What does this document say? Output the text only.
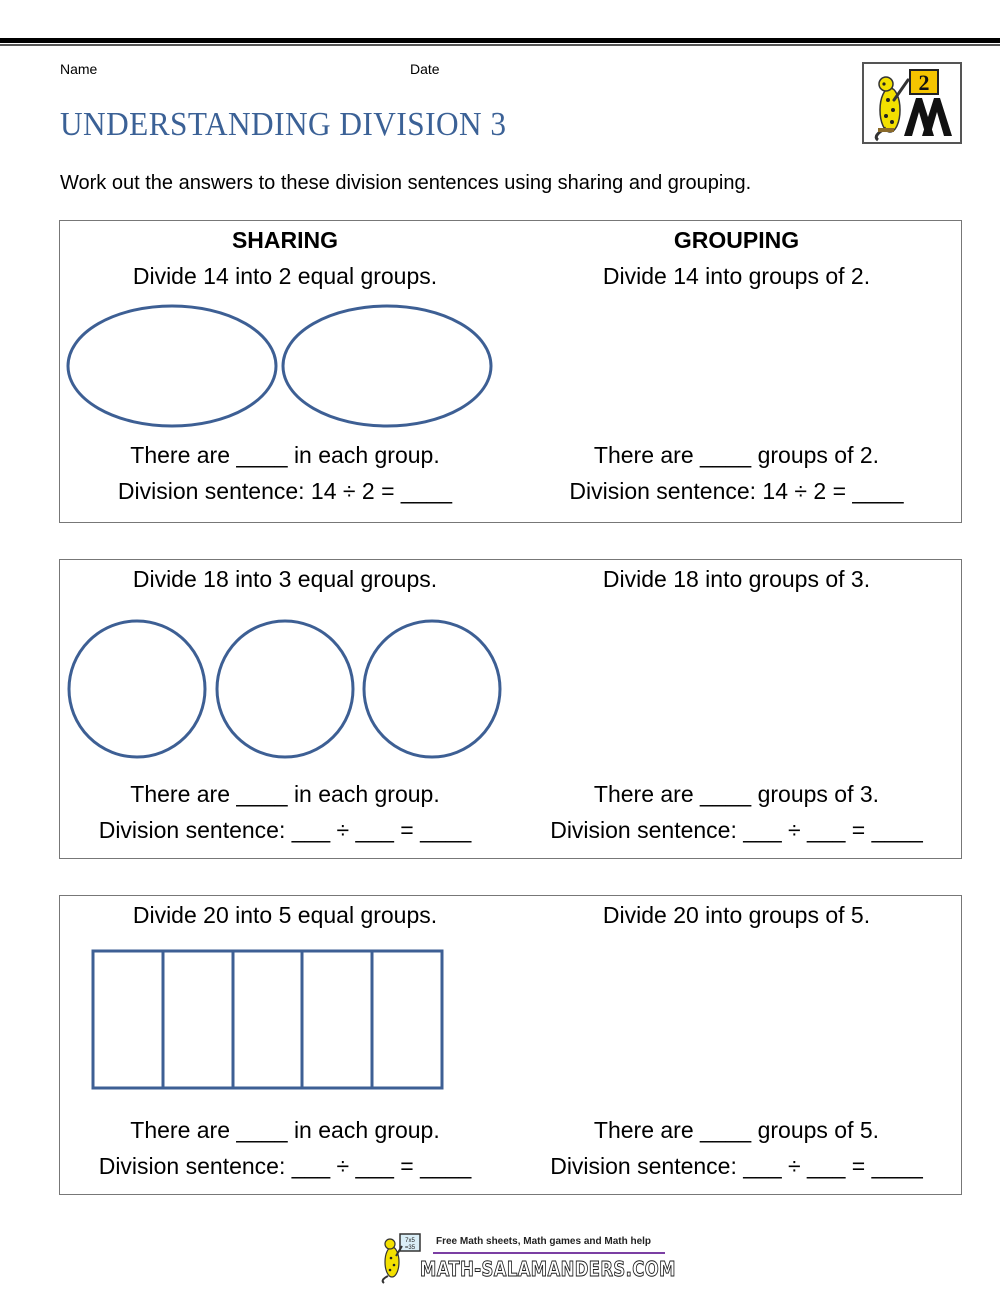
Name	Date
UNDERSTANDING DIVISION 3
2
Work out the answers to these division sentences using sharing and grouping.
SHARING
Divide 14 into 2 equal groups.
There are ____ in each group.
Division sentence: 14 ÷ 2 = ____
GROUPING
Divide 14 into groups of 2.
There are ____ groups of 2.
Division sentence: 14 ÷ 2 = ____
Divide 18 into 3 equal groups.
There are ____ in each group.
Division sentence: ___ ÷ ___ = ____
Divide 18 into groups of 3.
There are ____ groups of 3.
Division sentence: ___ ÷ ___ = ____
Divide 20 into 5 equal groups.
There are ____ in each group.
Division sentence: ___ ÷ ___ = ____
Divide 20 into groups of 5.
There are ____ groups of 5.
Division sentence: ___ ÷ ___ = ____
7x5
=35
Free Math sheets, Math games and Math help
MATH-SALAMANDERS.COM
